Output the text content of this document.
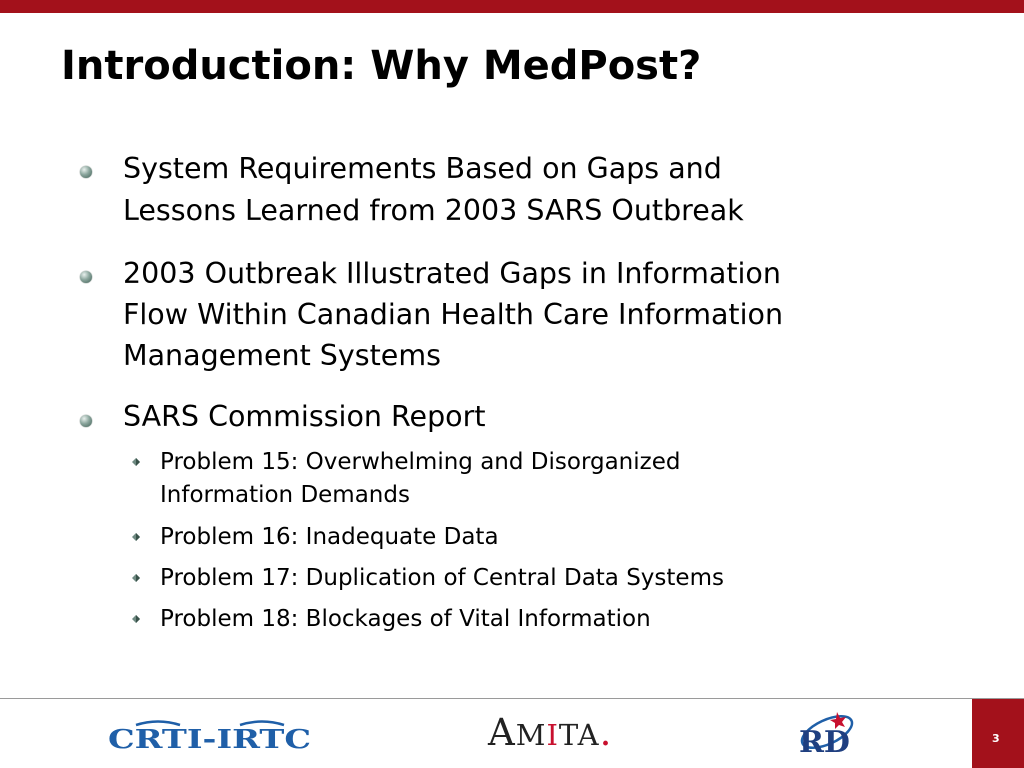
Introduction: Why MedPost?
System Requirements Based on Gaps and
Lessons Learned from 2003 SARS Outbreak
2003 Outbreak Illustrated Gaps in Information
Flow Within Canadian Health Care Information
Management Systems
SARS Commission Report
Problem 15: Overwhelming and Disorganized
Information Demands
Problem 16: Inadequate Data
Problem 17: Duplication of Central Data Systems
Problem 18: Blockages of Vital Information
CRTI-IRTC	AMITA.	RD	3
